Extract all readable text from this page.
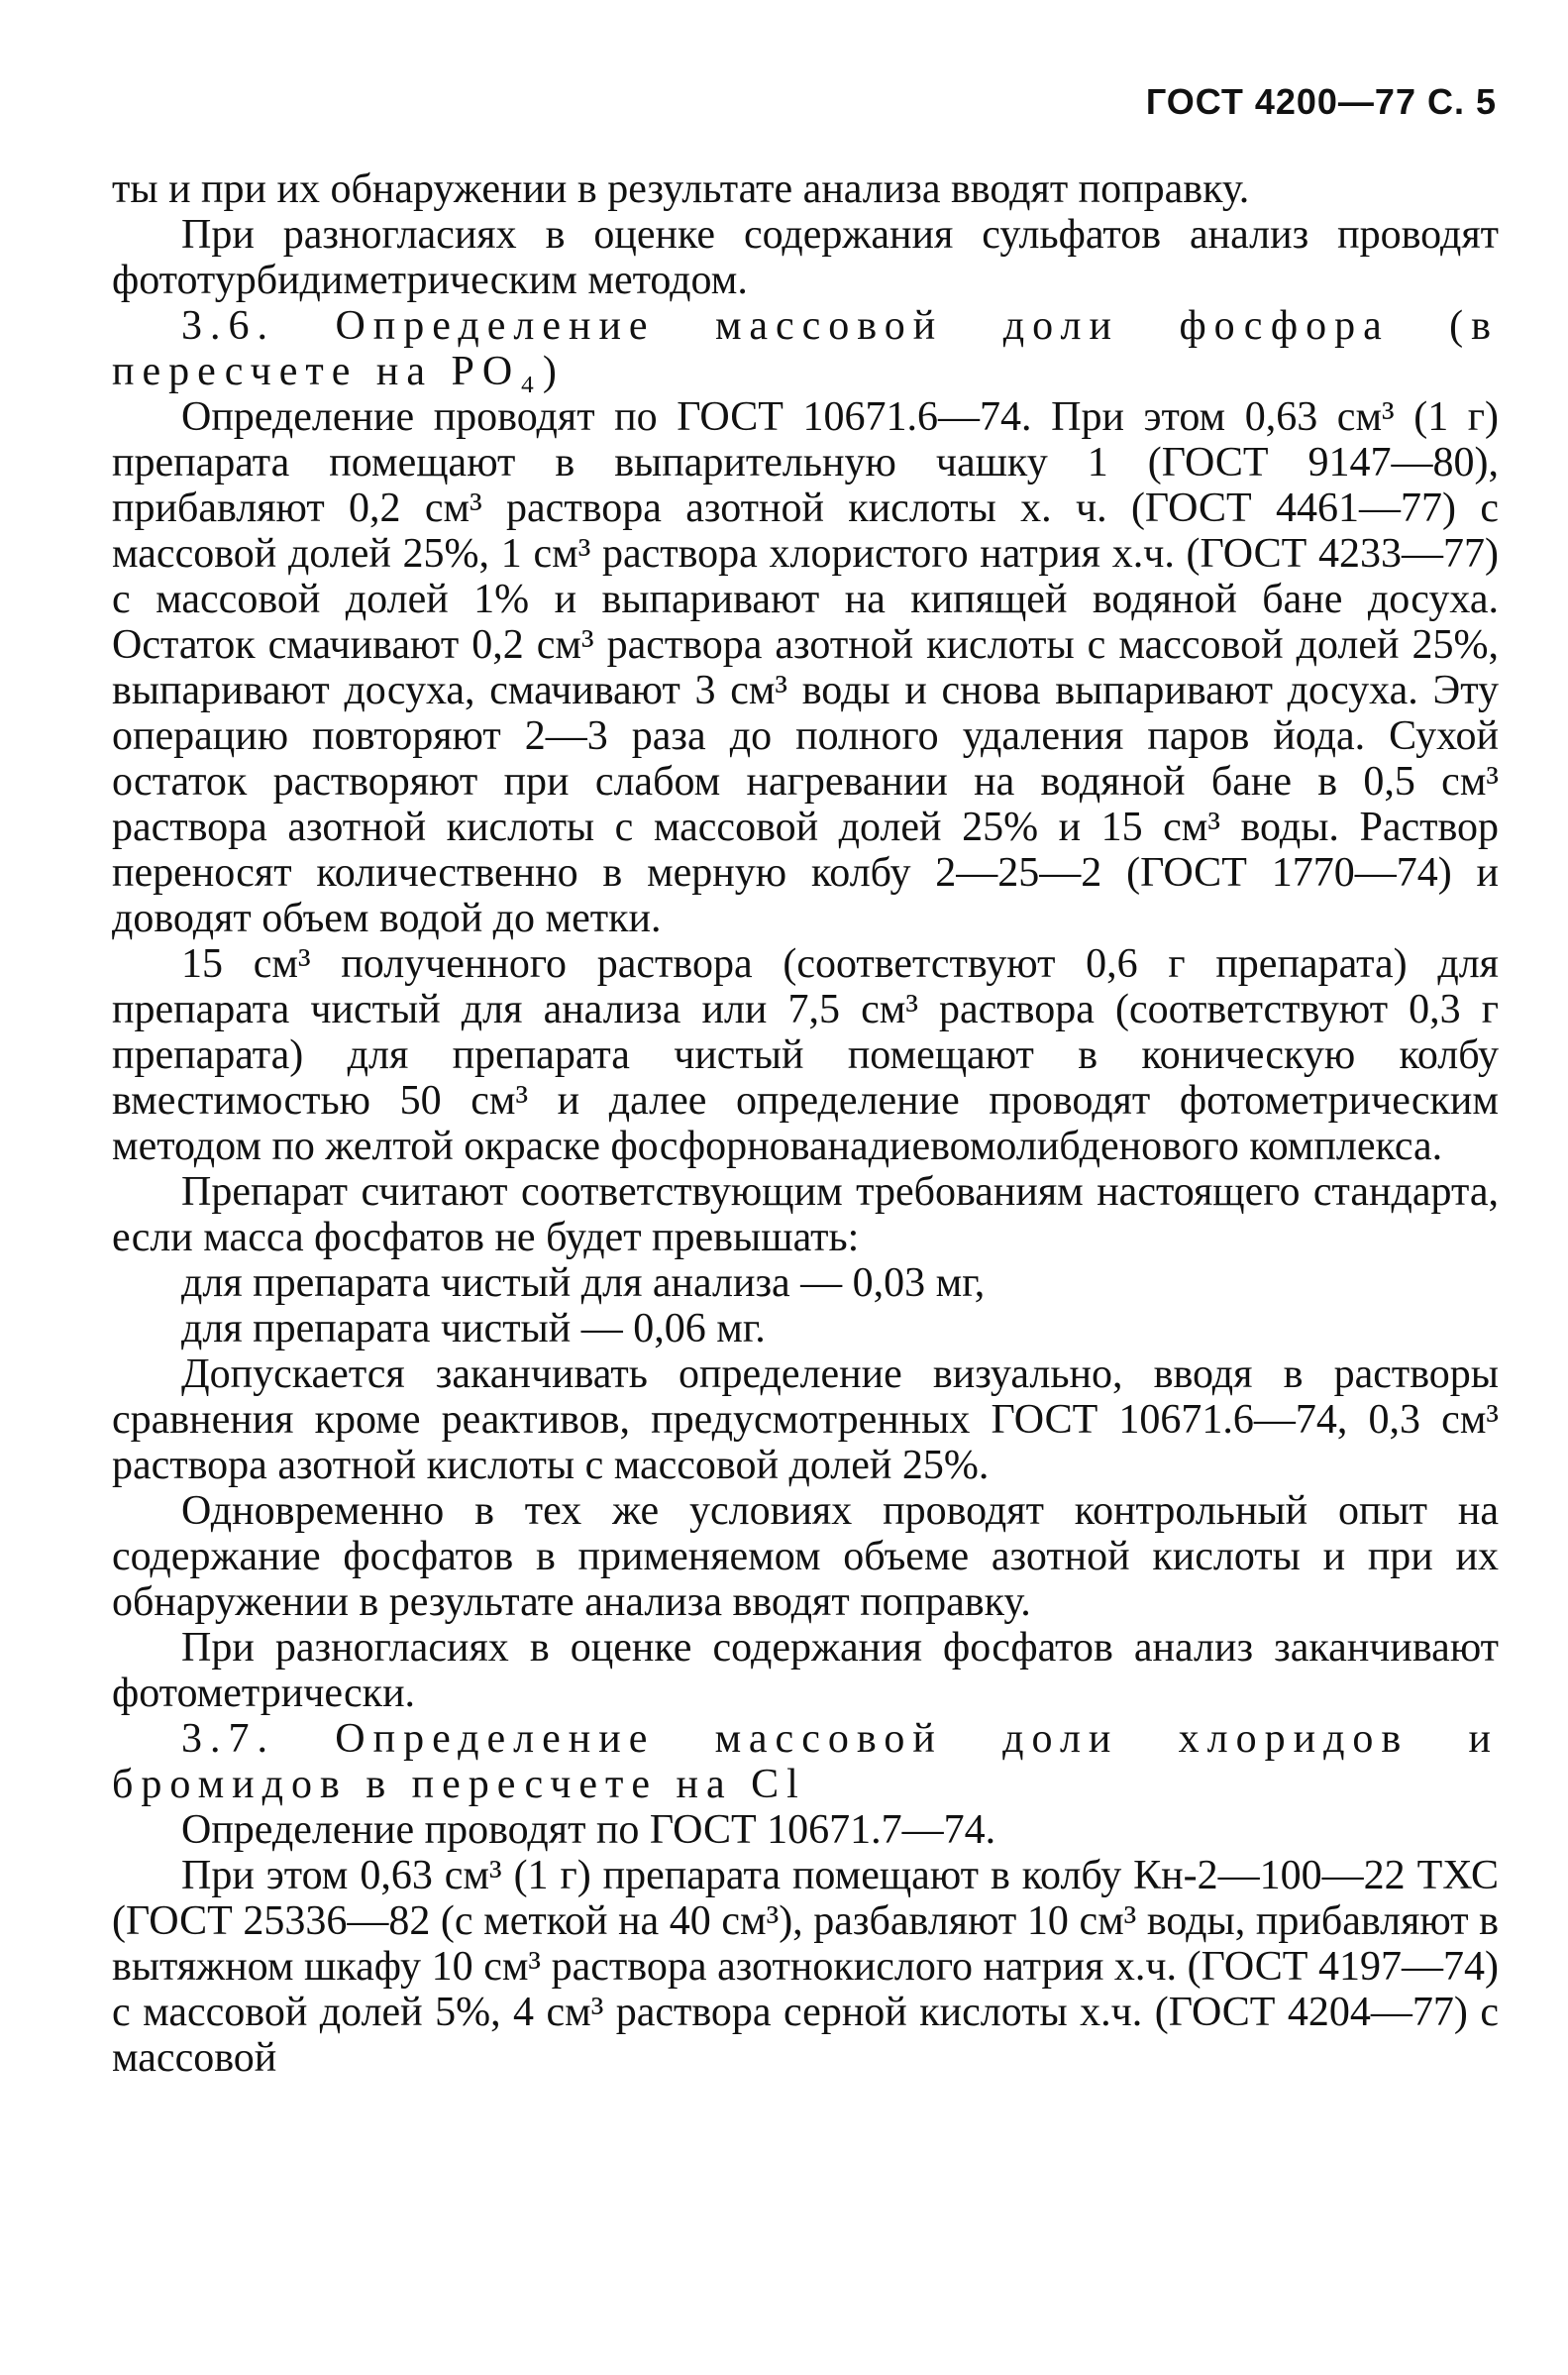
ГОСТ 4200—77 С. 5

ты и при их обнаружении в результате анализа вводят поправку.

При разногласиях в оценке содержания сульфатов анализ проводят фототурбидиметрическим методом.

3.6. Определение массовой доли фосфора (в пересчете на PO₄)

Определение проводят по ГОСТ 10671.6—74. При этом 0,63 см³ (1 г) препарата помещают в выпарительную чашку 1 (ГОСТ 9147—80), прибавляют 0,2 см³ раствора азотной кислоты х. ч. (ГОСТ 4461—77) с массовой долей 25%, 1 см³ раствора хлористого натрия х.ч. (ГОСТ 4233—77) с массовой долей 1% и выпаривают на кипящей водяной бане досуха. Остаток смачивают 0,2 см³ раствора азотной кислоты с массовой долей 25%, выпаривают досуха, смачивают 3 см³ воды и снова выпаривают досуха. Эту операцию повторяют 2—3 раза до полного удаления паров йода. Сухой остаток растворяют при слабом нагревании на водяной бане в 0,5 см³ раствора азотной кислоты с массовой долей 25% и 15 см³ воды. Раствор переносят количественно в мерную колбу 2—25—2 (ГОСТ 1770—74) и доводят объем водой до метки.

15 см³ полученного раствора (соответствуют 0,6 г препарата) для препарата чистый для анализа или 7,5 см³ раствора (соответствуют 0,3 г препарата) для препарата чистый помещают в коническую колбу вместимостью 50 см³ и далее определение проводят фотометрическим методом по желтой окраске фосфорнованадиевомолибденового комплекса.

Препарат считают соответствующим требованиям настоящего стандарта, если масса фосфатов не будет превышать:

для препарата чистый для анализа — 0,03 мг,

для препарата чистый — 0,06 мг.

Допускается заканчивать определение визуально, вводя в растворы сравнения кроме реактивов, предусмотренных ГОСТ 10671.6—74, 0,3 см³ раствора азотной кислоты с массовой долей 25%.

Одновременно в тех же условиях проводят контрольный опыт на содержание фосфатов в применяемом объеме азотной кислоты и при их обнаружении в результате анализа вводят поправку.

При разногласиях в оценке содержания фосфатов анализ заканчивают фотометрически.

3.7. Определение массовой доли хлоридов и бромидов в пересчете на Cl

Определение проводят по ГОСТ 10671.7—74.

При этом 0,63 см³ (1 г) препарата помещают в колбу Кн-2—100—22 ТХС (ГОСТ 25336—82 (с меткой на 40 см³), разбавляют 10 см³ воды, прибавляют в вытяжном шкафу 10 см³ раствора азотнокислого натрия х.ч. (ГОСТ 4197—74) с массовой долей 5%, 4 см³ раствора серной кислоты х.ч. (ГОСТ 4204—77) с массовой
